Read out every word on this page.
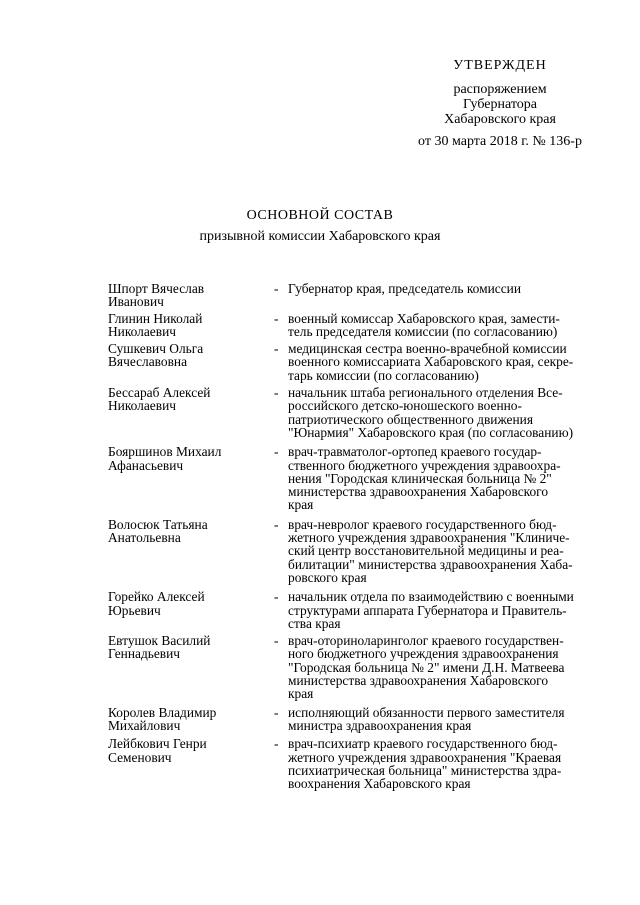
УТВЕРЖДЕН
распоряжением
Губернатора
Хабаровского края
от 30 марта 2018 г. № 136-р
ОСНОВНОЙ СОСТАВ
призывной комиссии Хабаровского края
Шпорт Вячеслав
Иванович
- Губернатор края, председатель комиссии
Глинин Николай
Николаевич
- военный комиссар Хабаровского края, замести-
тель председателя комиссии (по согласованию)
Сушкевич Ольга
Вячеславовна
- медицинская сестра военно-врачебной комиссии
военного комиссариата Хабаровского края, секре-
тарь комиссии (по согласованию)
Бессараб Алексей
Николаевич
- начальник штаба регионального отделения Все-
российского детско-юношеского военно-
патриотического общественного движения
"Юнармия" Хабаровского края (по согласованию)
Бояршинов Михаил
Афанасьевич
- врач-травматолог-ортопед краевого государ-
ственного бюджетного учреждения здравоохра-
нения "Городская клиническая больница № 2"
министерства здравоохранения Хабаровского
края
Волосюк Татьяна
Анатольевна
- врач-невролог краевого государственного бюд-
жетного учреждения здравоохранения "Клиниче-
ский центр восстановительной медицины и реа-
билитации" министерства здравоохранения Хаба-
ровского края
Горейко Алексей
Юрьевич
- начальник отдела по взаимодействию с военными
структурами аппарата Губернатора и Правитель-
ства края
Евтушок Василий
Геннадьевич
- врач-оториноларинголог краевого государствен-
ного бюджетного учреждения здравоохранения
"Городская больница № 2" имени Д.Н. Матвеева
министерства здравоохранения Хабаровского
края
Королев Владимир
Михайлович
- исполняющий обязанности первого заместителя
министра здравоохранения края
Лейбкович Генри
Семенович
- врач-психиатр краевого государственного бюд-
жетного учреждения здравоохранения "Краевая
психиатрическая больница" министерства здра-
воохранения Хабаровского края
